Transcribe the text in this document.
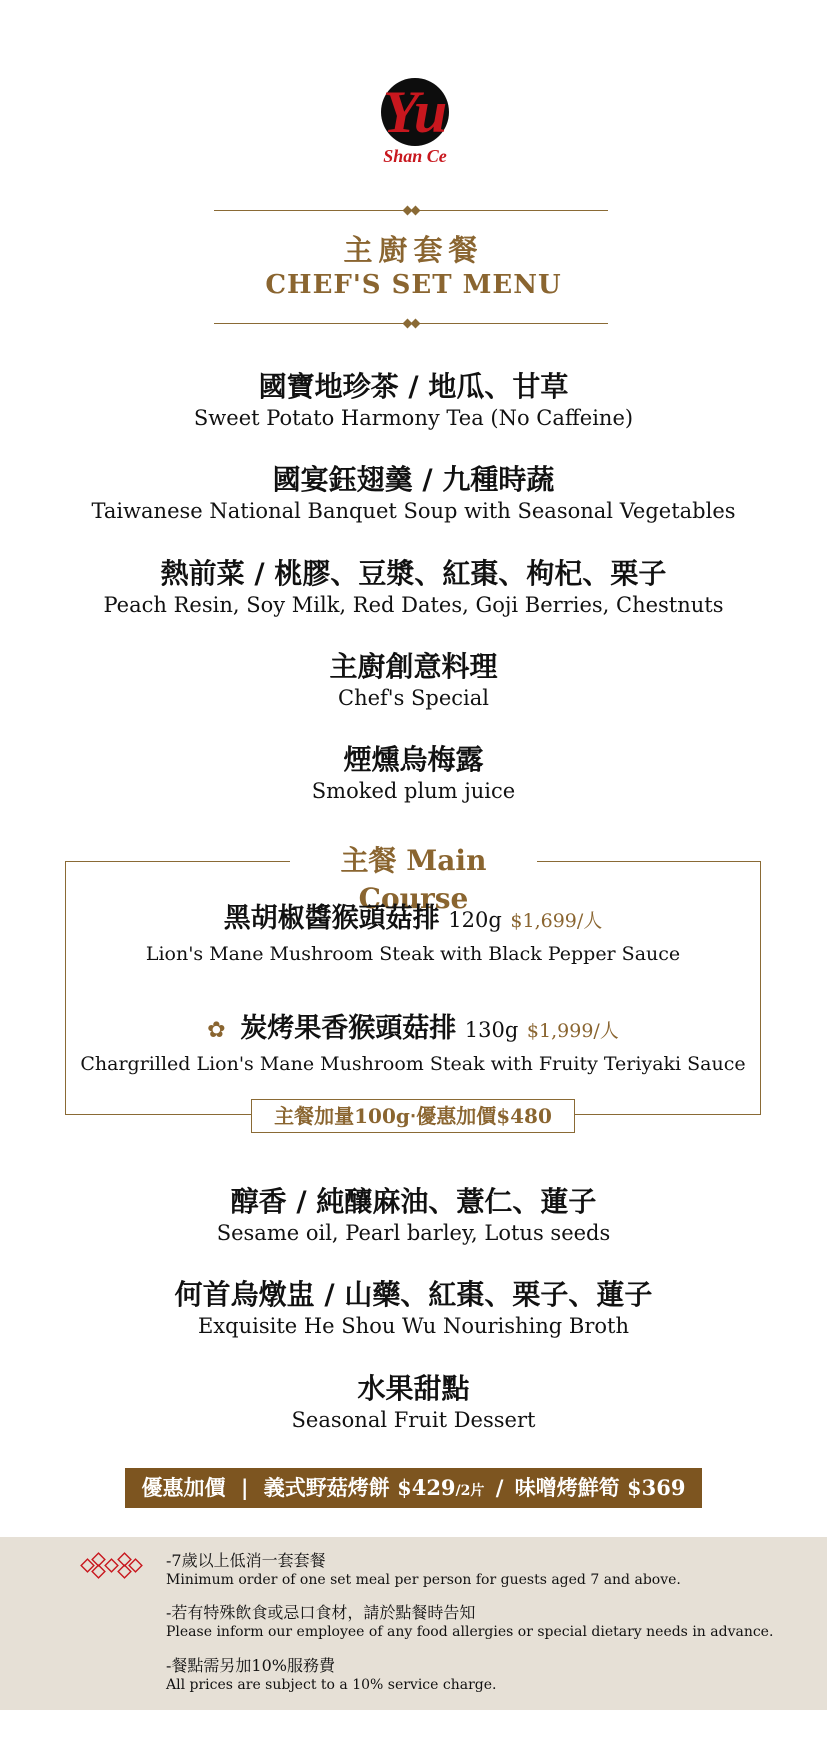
Yu
Shan Ce
主廚套餐
CHEF'S SET MENU
國寶地珍茶 / 地瓜、甘草
Sweet Potato Harmony Tea (No Caffeine)
國宴鈺翅羹 / 九種時蔬
Taiwanese National Banquet Soup with Seasonal Vegetables
熱前菜 / 桃膠、豆漿、紅棗、枸杞、栗子
Peach Resin, Soy Milk, Red Dates, Goji Berries, Chestnuts
主廚創意料理
Chef's Special
煙燻烏梅露
Smoked plum juice
主餐 Main Course
黑胡椒醬猴頭菇排 120g $1,699/人
Lion's Mane Mushroom Steak with Black Pepper Sauce
✿ 炭烤果香猴頭菇排 130g $1,999/人
Chargrilled Lion's Mane Mushroom Steak with Fruity Teriyaki Sauce
主餐加量100g‧優惠加價$480
醇香 / 純釀麻油、薏仁、蓮子
Sesame oil, Pearl barley, Lotus seeds
何首烏燉盅 / 山藥、紅棗、栗子、蓮子
Exquisite He Shou Wu Nourishing Broth
水果甜點
Seasonal Fruit Dessert
優惠加價 | 義式野菇烤餅 $429/2片 / 味噌烤鮮筍 $369
-7歲以上低消一套套餐
Minimum order of one set meal per person for guests aged 7 and above.
-若有特殊飲食或忌口食材，請於點餐時告知
Please inform our employee of any food allergies or special dietary needs in advance.
-餐點需另加10%服務費
All prices are subject to a 10% service charge.
